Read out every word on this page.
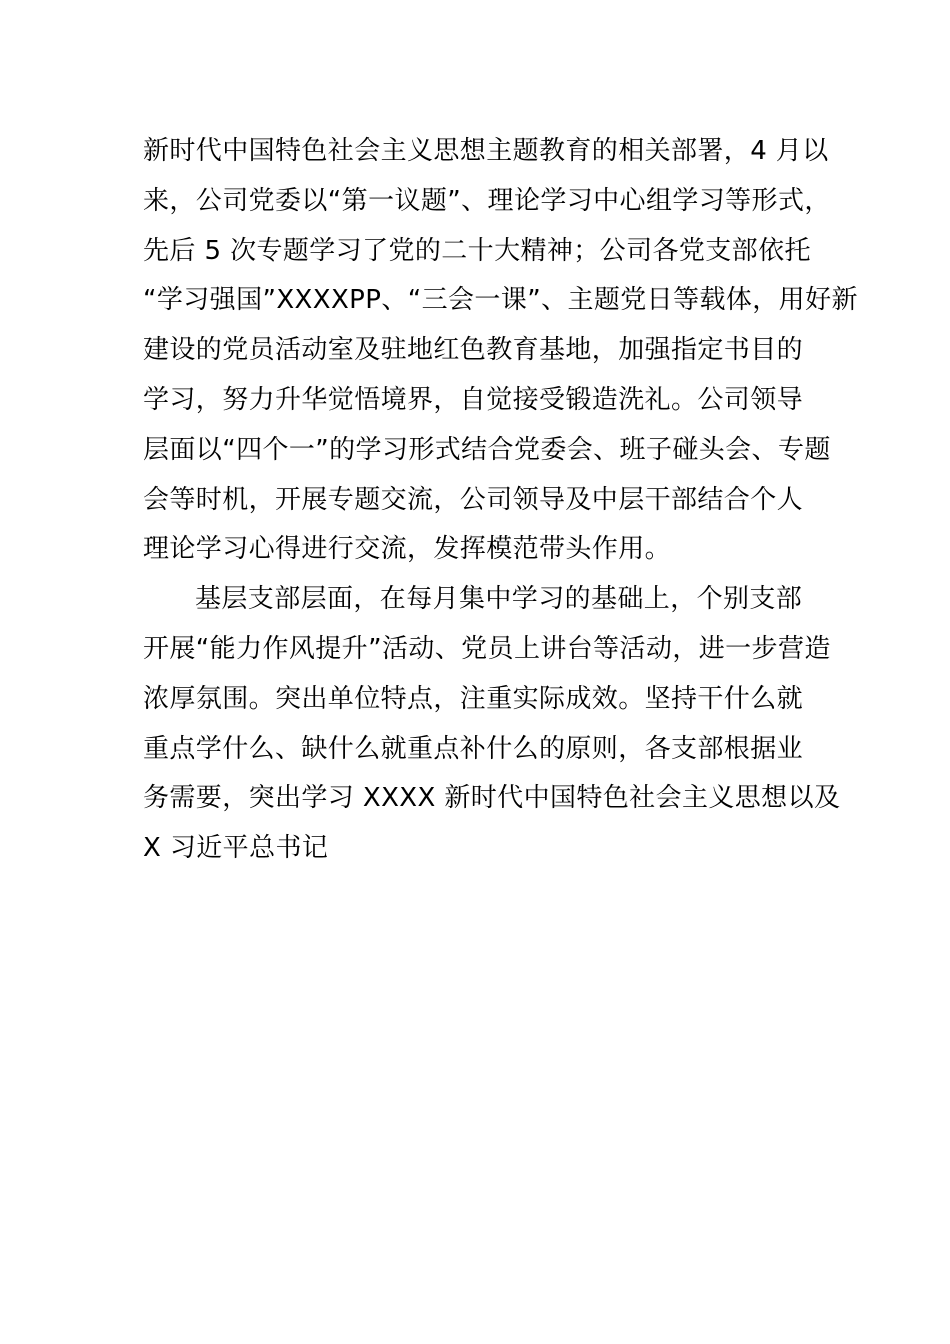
新时代中国特色社会主义思想主题教育的相关部署，4 月以
来，公司党委以“第一议题”、理论学习中心组学习等形式，
先后 5 次专题学习了党的二十大精神；公司各党支部依托
“学习强国”XXXXPP、“三会一课”、主题党日等载体，用好新
建设的党员活动室及驻地红色教育基地，加强指定书目的
学习，努力升华觉悟境界，自觉接受锻造洗礼。公司领导
层面以“四个一”的学习形式结合党委会、班子碰头会、专题
会等时机，开展专题交流，公司领导及中层干部结合个人
理论学习心得进行交流，发挥模范带头作用。
基层支部层面，在每月集中学习的基础上，个别支部
开展“能力作风提升”活动、党员上讲台等活动，进一步营造
浓厚氛围。突出单位特点，注重实际成效。坚持干什么就
重点学什么、缺什么就重点补什么的原则，各支部根据业
务需要，突出学习 XXXX 新时代中国特色社会主义思想以及
X 习近平总书记
